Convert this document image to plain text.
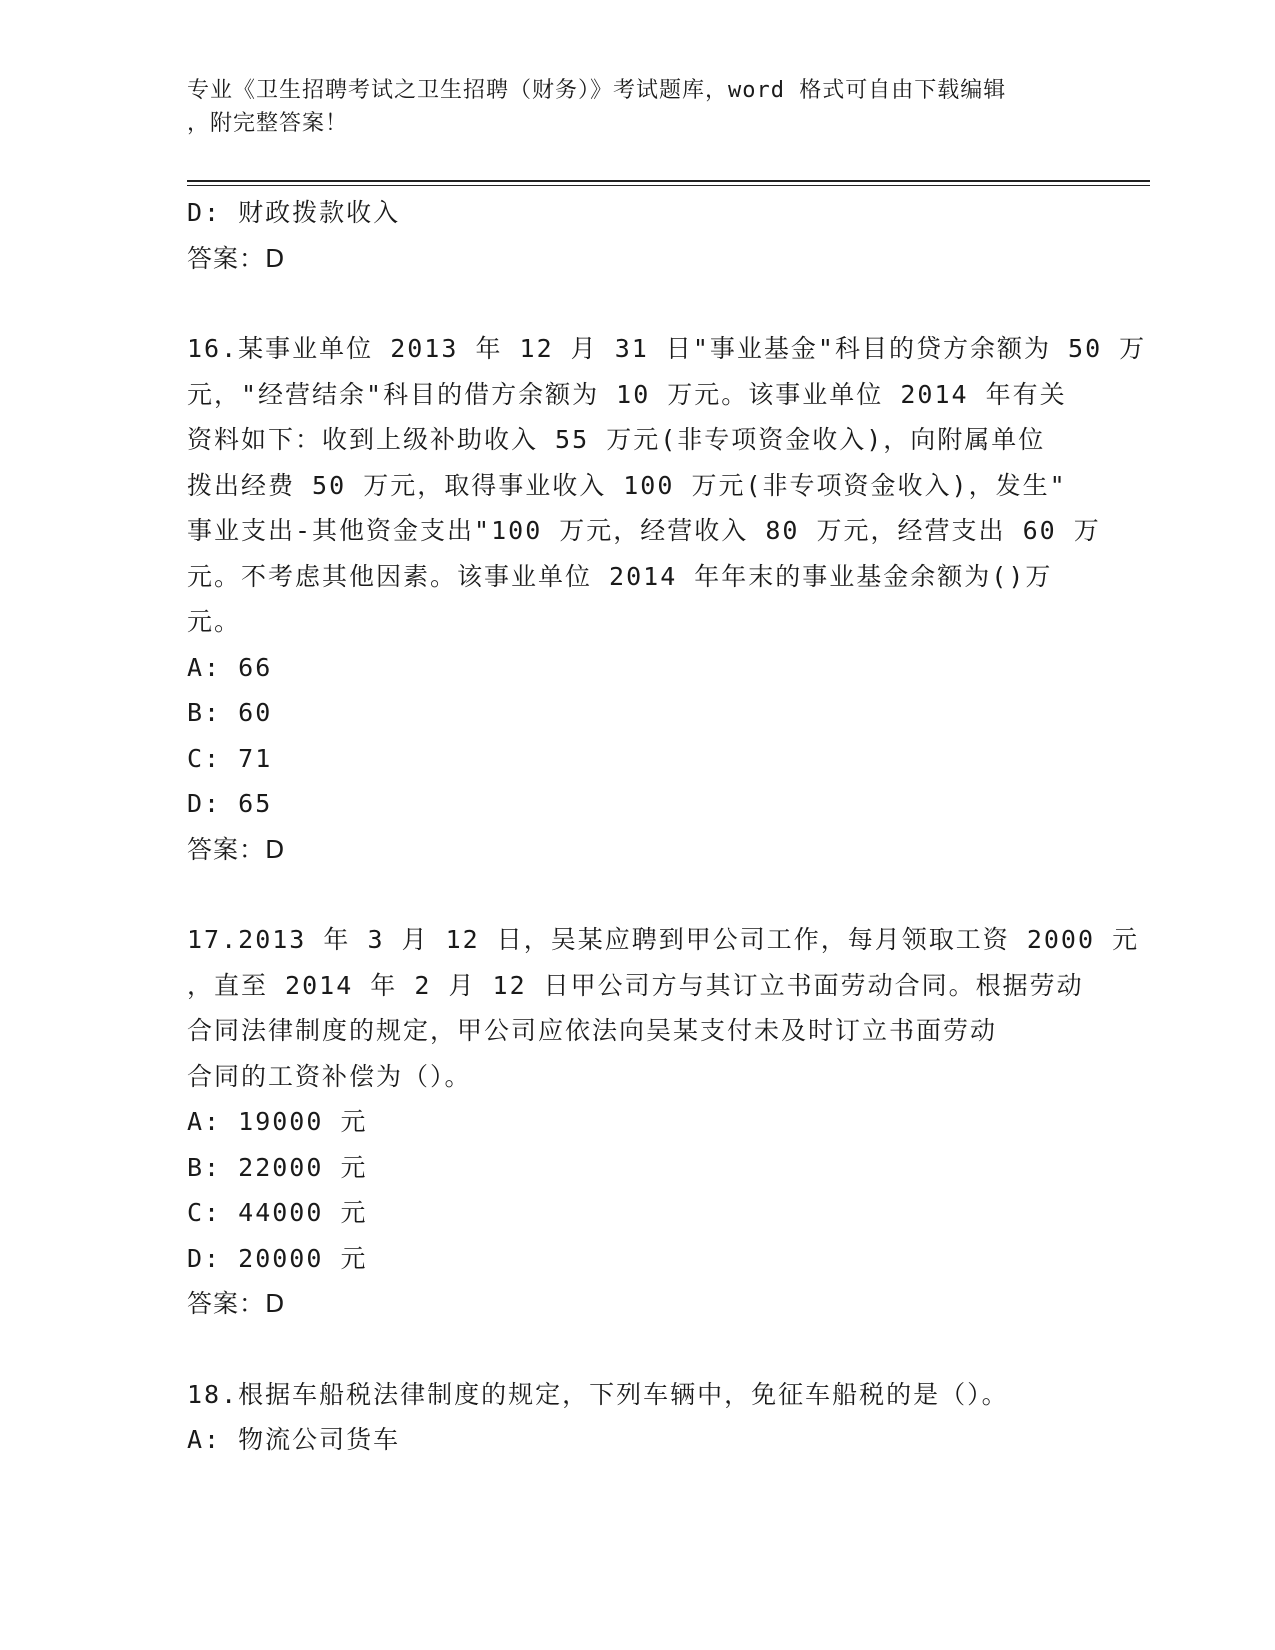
专业《卫生招聘考试之卫生招聘（财务）》考试题库，word 格式可自由下载编辑
，附完整答案！
D: 财政拨款收入
答案：D
16.某事业单位 2013 年 12 月 31 日"事业基金"科目的贷方余额为 50 万
元，"经营结余"科目的借方余额为 10 万元。该事业单位 2014 年有关
资料如下：收到上级补助收入 55 万元(非专项资金收入)，向附属单位
拨出经费 50 万元，取得事业收入 100 万元(非专项资金收入)，发生"
事业支出-其他资金支出"100 万元，经营收入 80 万元，经营支出 60 万
元。不考虑其他因素。该事业单位 2014 年年末的事业基金余额为()万
元。
A: 66
B: 60
C: 71
D: 65
答案：D
17.2013 年 3 月 12 日，吴某应聘到甲公司工作，每月领取工资 2000 元
，直至 2014 年 2 月 12 日甲公司方与其订立书面劳动合同。根据劳动
合同法律制度的规定，甲公司应依法向吴某支付未及时订立书面劳动
合同的工资补偿为（）。
A: 19000 元
B: 22000 元
C: 44000 元
D: 20000 元
答案：D
18.根据车船税法律制度的规定，下列车辆中，免征车船税的是（）。
A: 物流公司货车
